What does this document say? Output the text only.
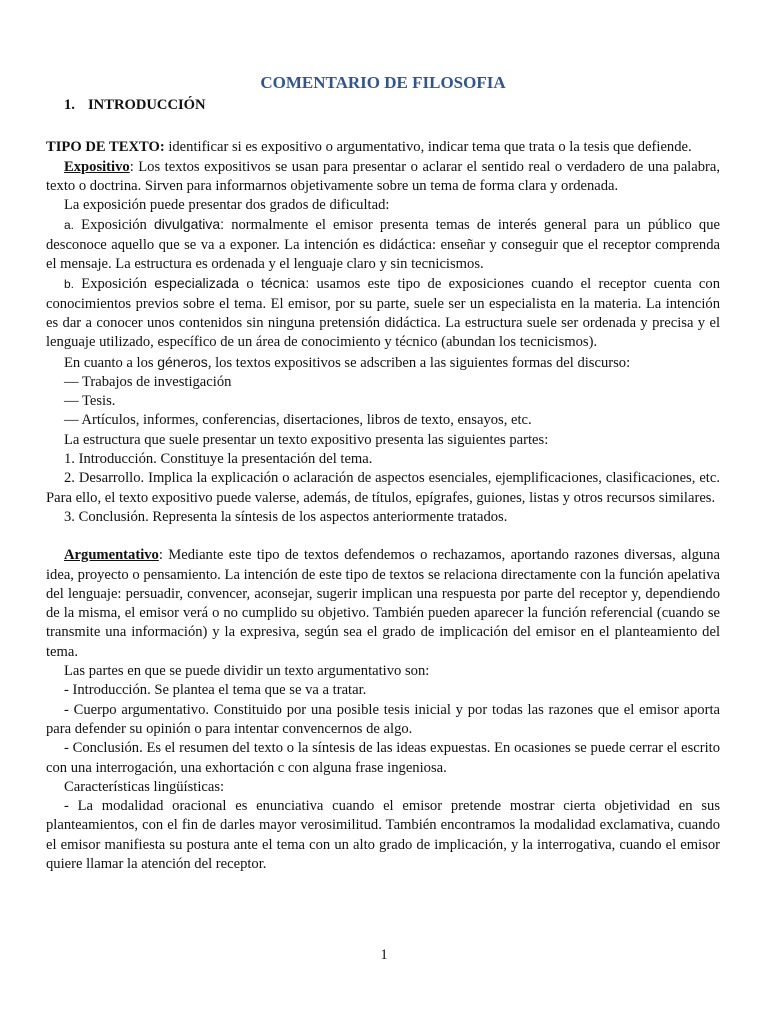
COMENTARIO DE FILOSOFIA
1. INTRODUCCIÓN

TIPO DE TEXTO: identificar si es expositivo o argumentativo, indicar tema que trata o la tesis que defiende.

Expositivo: Los textos expositivos se usan para presentar o aclarar el sentido real o verdadero de una palabra, texto o doctrina. Sirven para informarnos objetivamente sobre un tema de forma clara y ordenada.

La exposición puede presentar dos grados de dificultad:

a. Exposición divulgativa: normalmente el emisor presenta temas de interés general para un público que desconoce aquello que se va a exponer. La intención es didáctica: enseñar y conseguir que el receptor comprenda el mensaje. La estructura es ordenada y el lenguaje claro y sin tecnicismos.

b. Exposición especializada o técnica: usamos este tipo de exposiciones cuando el receptor cuenta con conocimientos previos sobre el tema. El emisor, por su parte, suele ser un especialista en la materia. La intención es dar a conocer unos contenidos sin ninguna pretensión didáctica. La estructura suele ser ordenada y precisa y el lenguaje utilizado, específico de un área de conocimiento y técnico (abundan los tecnicismos).

En cuanto a los géneros, los textos expositivos se adscriben a las siguientes formas del discurso:

— Trabajos de investigación

— Tesis.

— Artículos, informes, conferencias, disertaciones, libros de texto, ensayos, etc.

La estructura que suele presentar un texto expositivo presenta las siguientes partes:

1. Introducción. Constituye la presentación del tema.

2. Desarrollo. Implica la explicación o aclaración de aspectos esenciales, ejemplificaciones, clasificaciones, etc. Para ello, el texto expositivo puede valerse, además, de títulos, epígrafes, guiones, listas y otros recursos similares.

3. Conclusión. Representa la síntesis de los aspectos anteriormente tratados.

Argumentativo: Mediante este tipo de textos defendemos o rechazamos, aportando razones diversas, alguna idea, proyecto o pensamiento. La intención de este tipo de textos se relaciona directamente con la función apelativa del lenguaje: persuadir, convencer, aconsejar, sugerir implican una respuesta por parte del receptor y, dependiendo de la misma, el emisor verá o no cumplido su objetivo. También pueden aparecer la función referencial (cuando se transmite una información) y la expresiva, según sea el grado de implicación del emisor en el planteamiento del tema.

Las partes en que se puede dividir un texto argumentativo son:

- Introducción. Se plantea el tema que se va a tratar.

- Cuerpo argumentativo. Constituido por una posible tesis inicial y por todas las razones que el emisor aporta para defender su opinión o para intentar convencernos de algo.

- Conclusión. Es el resumen del texto o la síntesis de las ideas expuestas. En ocasiones se puede cerrar el escrito con una interrogación, una exhortación c con alguna frase ingeniosa.

Características lingüísticas:

- La modalidad oracional es enunciativa cuando el emisor pretende mostrar cierta objetividad en sus planteamientos, con el fin de darles mayor verosimilitud. También encontramos la modalidad exclamativa, cuando el emisor manifiesta su postura ante el tema con un alto grado de implicación, y la interrogativa, cuando el emisor quiere llamar la atención del receptor.

1
